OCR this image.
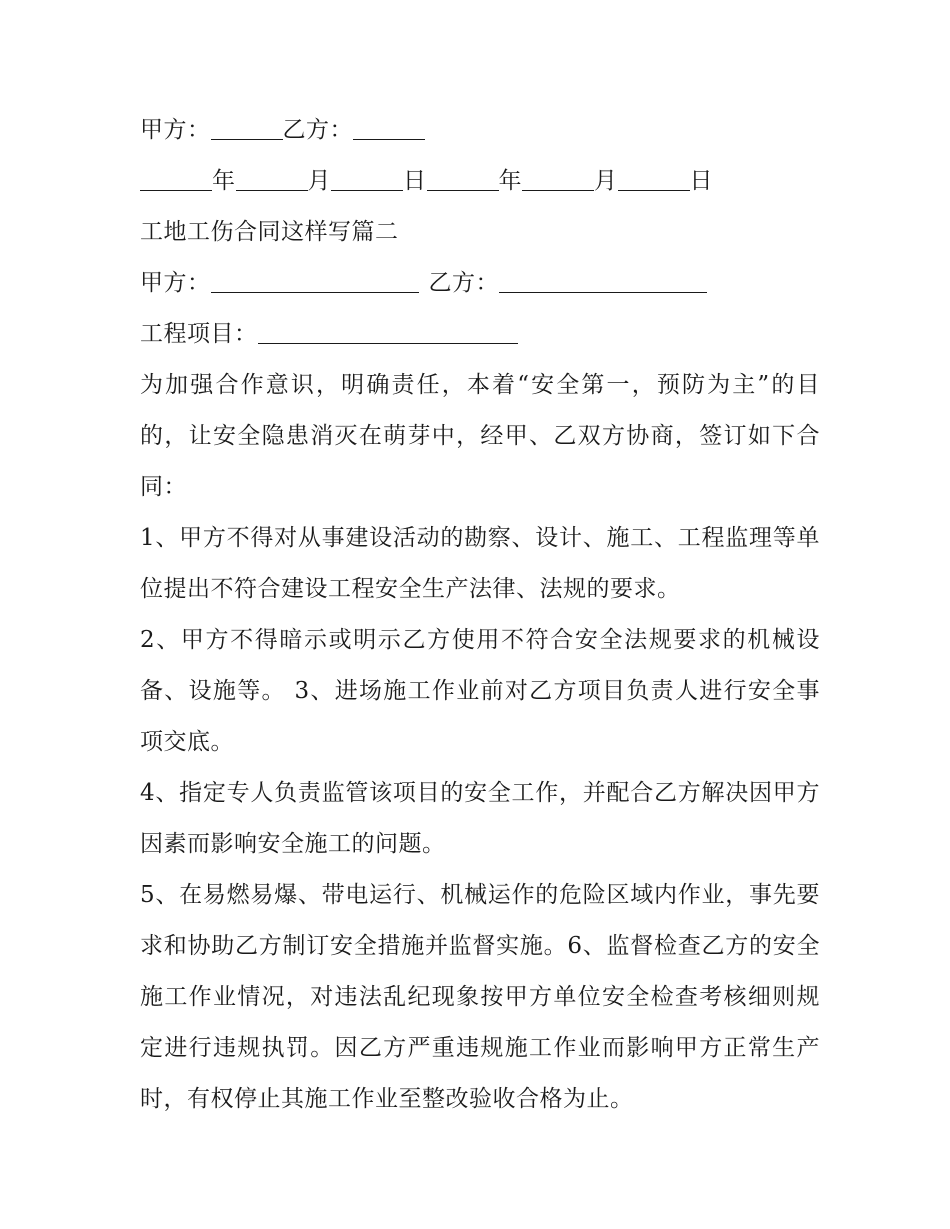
甲方：	乙方：
年	月	日	年	月	日
工地工伤合同这样写篇二
甲方：	乙方：
工程项目：
为加强合作意识，明确责任，本着“安全第一，预防为主”的目的，让安全隐患消灭在萌芽中，经甲、乙双方协商，签订如下合同：
1、甲方不得对从事建设活动的勘察、设计、施工、工程监理等单位提出不符合建设工程安全生产法律、法规的要求。
2、甲方不得暗示或明示乙方使用不符合安全法规要求的机械设备、设施等。 3、进场施工作业前对乙方项目负责人进行安全事项交底。
4、指定专人负责监管该项目的安全工作，并配合乙方解决因甲方因素而影响安全施工的问题。
5、在易燃易爆、带电运行、机械运作的危险区域内作业，事先要求和协助乙方制订安全措施并监督实施。6、监督检查乙方的安全施工作业情况，对违法乱纪现象按甲方单位安全检查考核细则规定进行违规执罚。因乙方严重违规施工作业而影响甲方正常生产时，有权停止其施工作业至整改验收合格为止。
